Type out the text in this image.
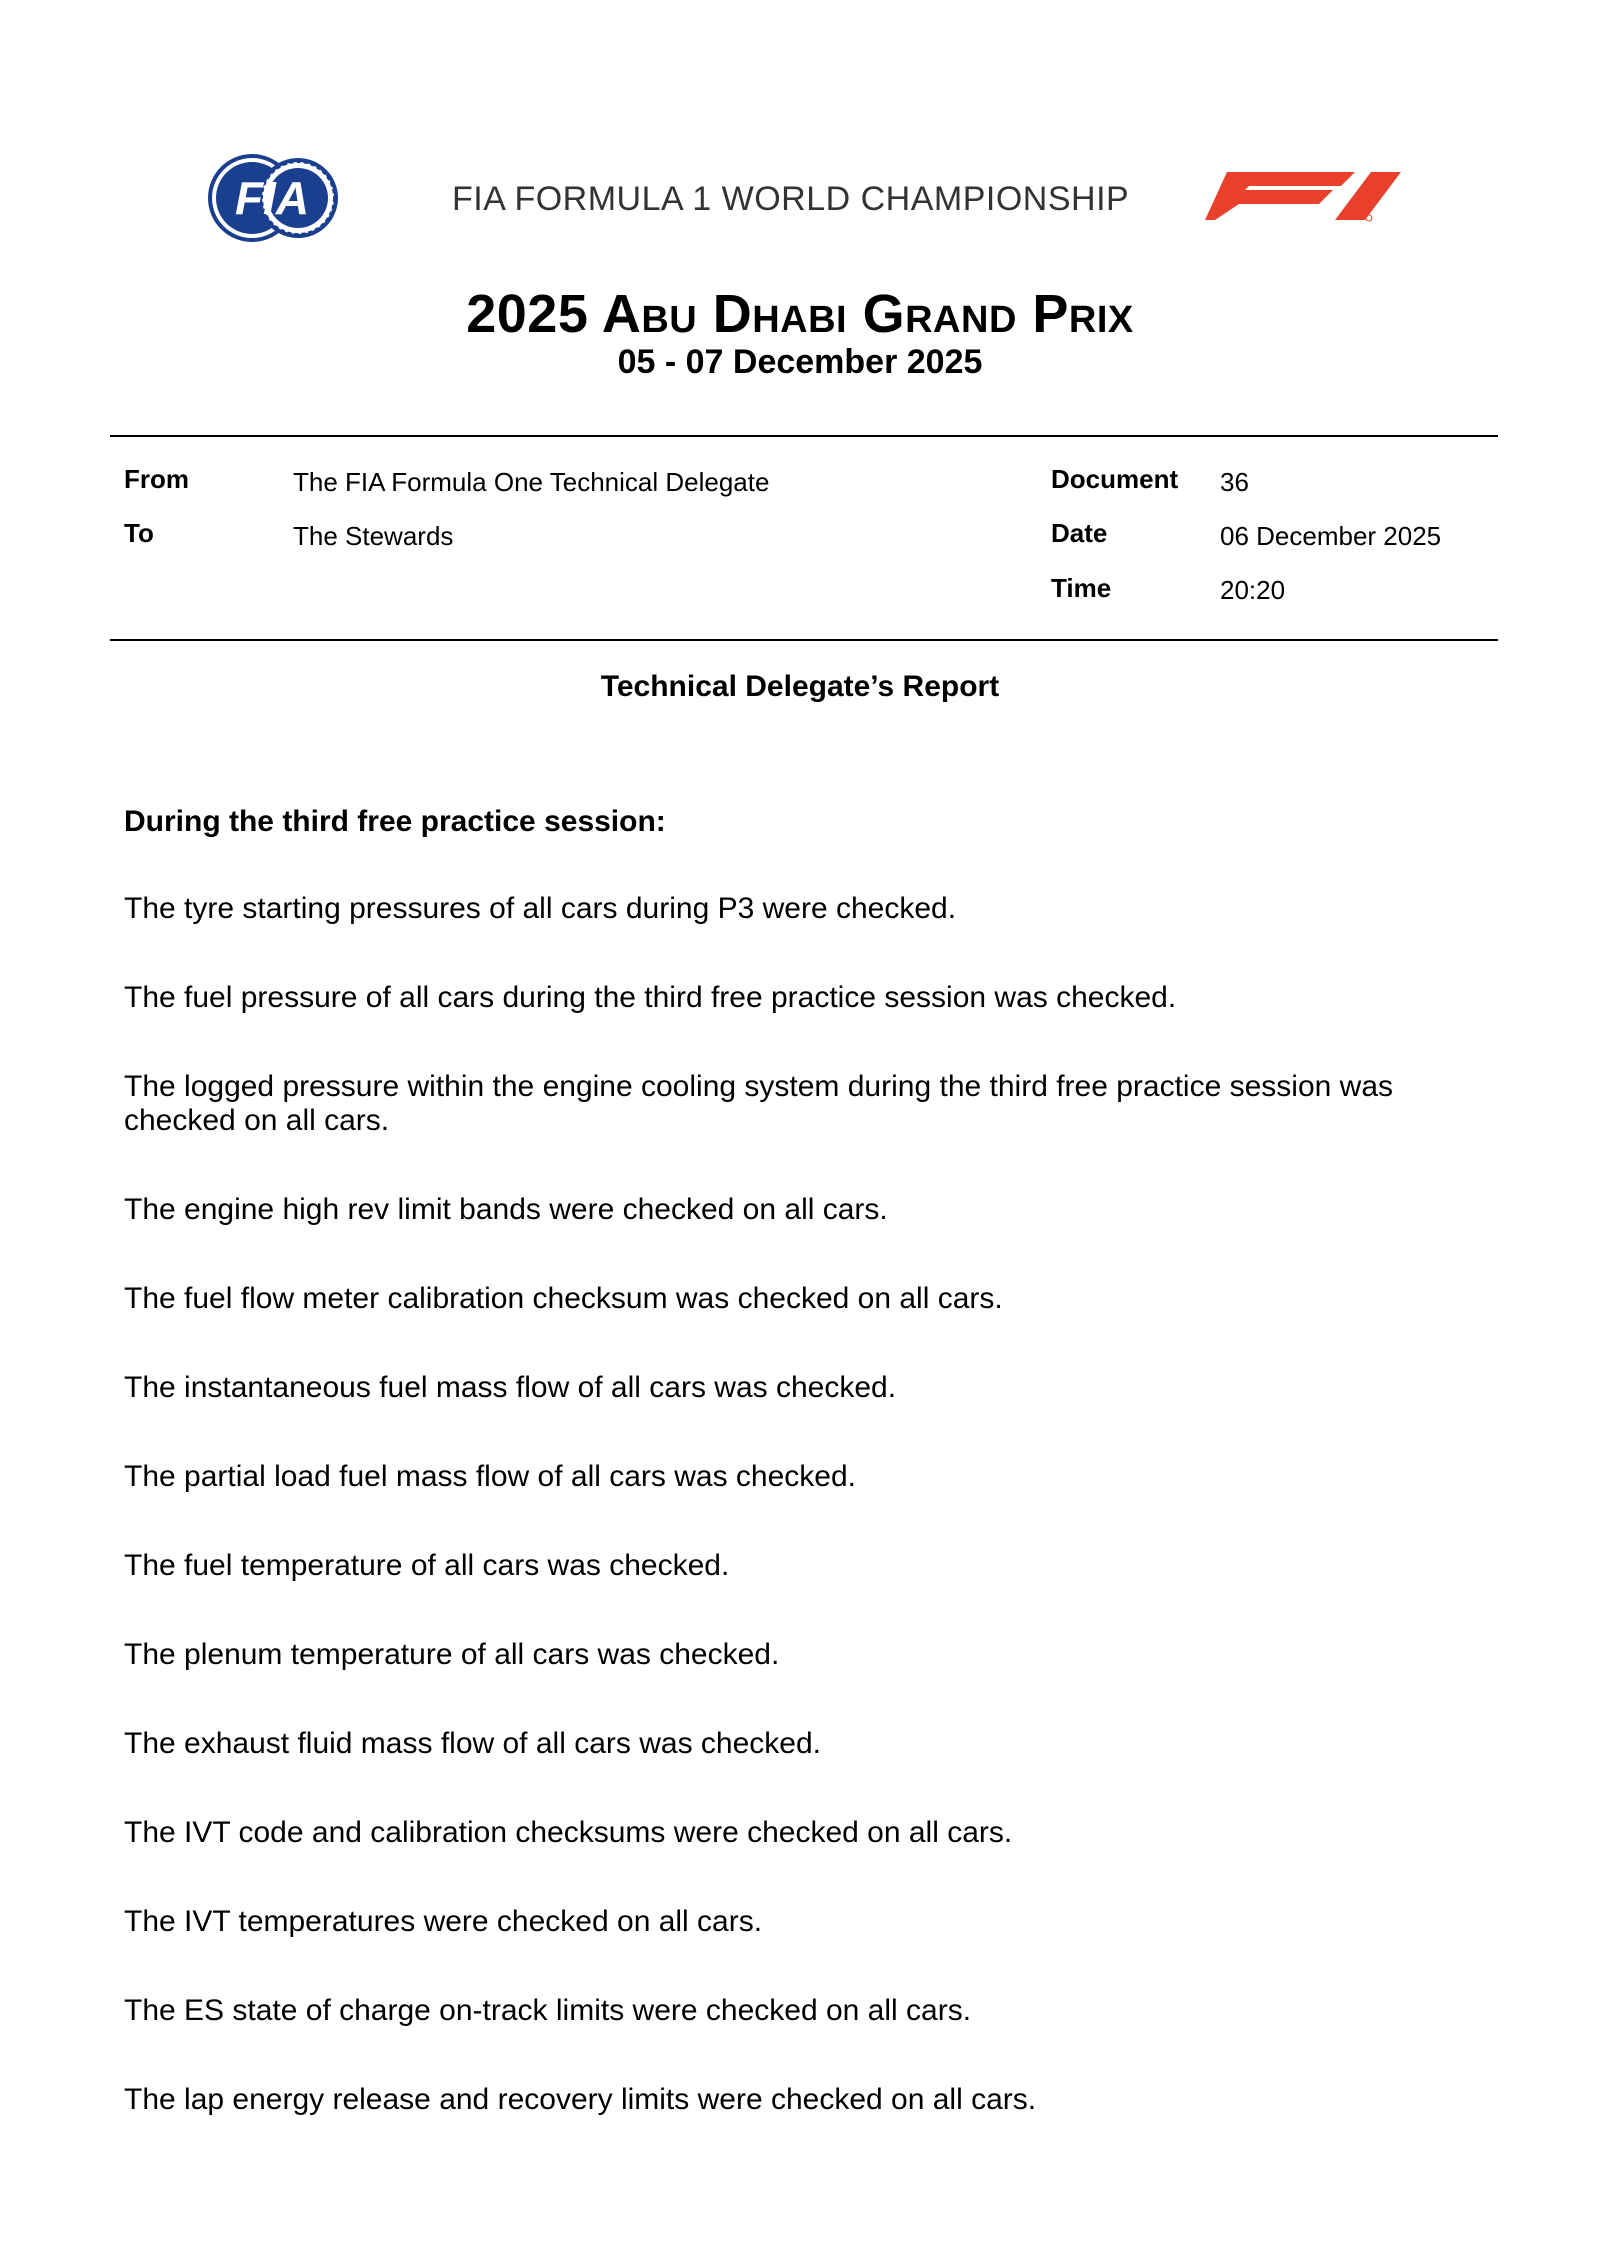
FIA	FIA FORMULA 1 WORLD CHAMPIONSHIP
F1
2025 Abu Dhabi Grand Prix
05 - 07 December 2025
From	The FIA Formula One Technical Delegate
To	The Stewards
Document 36
Date	06 December 2025
Time	20:20
Technical Delegate’s Report
During the third free practice session:
The tyre starting pressures of all cars during P3 were checked.
The fuel pressure of all cars during the third free practice session was checked.
The logged pressure within the engine cooling system during the third free practice session was checked on all cars.
The engine high rev limit bands were checked on all cars.
The fuel flow meter calibration checksum was checked on all cars.
The instantaneous fuel mass flow of all cars was checked.
The partial load fuel mass flow of all cars was checked.
The fuel temperature of all cars was checked.
The plenum temperature of all cars was checked.
The exhaust fluid mass flow of all cars was checked.
The IVT code and calibration checksums were checked on all cars.
The IVT temperatures were checked on all cars.
The ES state of charge on-track limits were checked on all cars.
The lap energy release and recovery limits were checked on all cars.
